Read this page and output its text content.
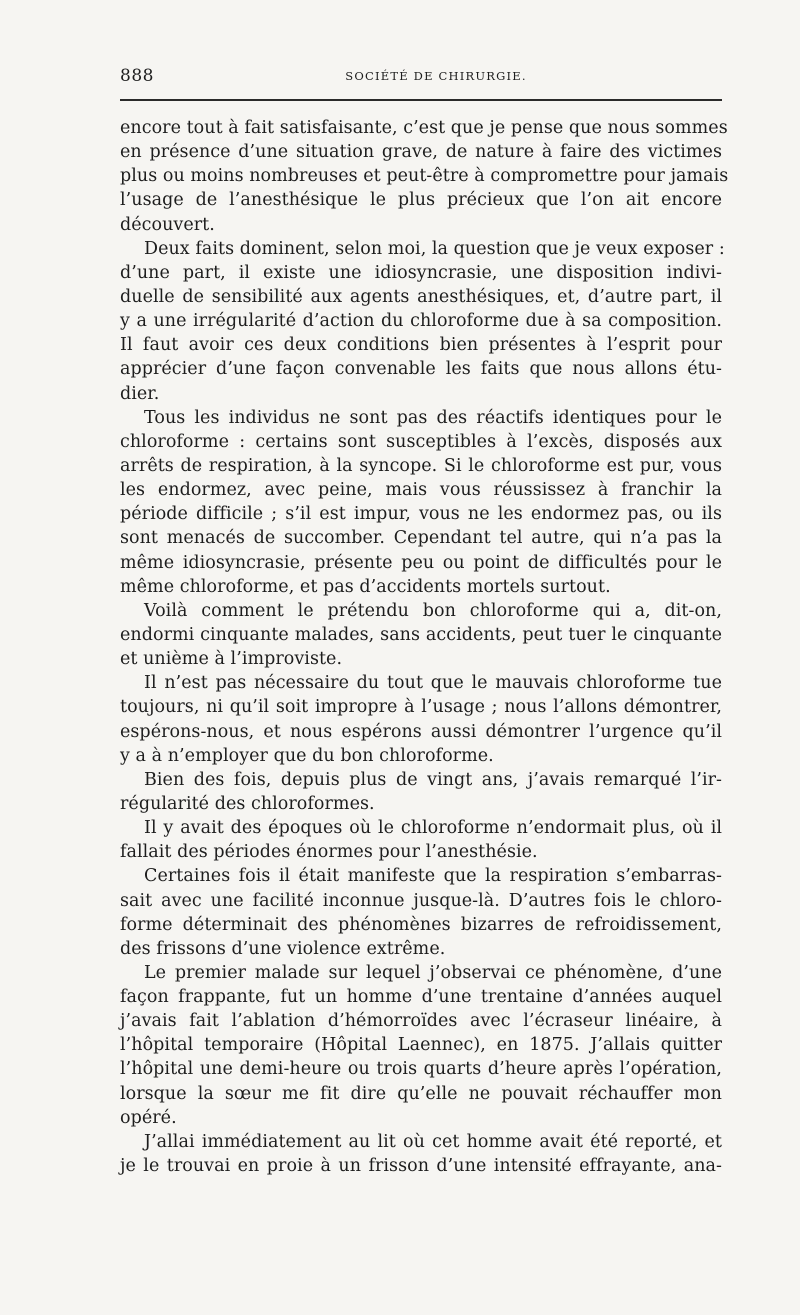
888	SOCIÉTÉ DE CHIRURGIE.
encore tout à fait satisfaisante, c’est que je pense que nous sommes
en présence d’une situation grave, de nature à faire des victimes
plus ou moins nombreuses et peut-être à compromettre pour jamais
l’usage de l’anesthésique le plus précieux que l’on ait encore
découvert.
Deux faits dominent, selon moi, la question que je veux exposer :
d’une part, il existe une idiosyncrasie, une disposition indivi-
duelle de sensibilité aux agents anesthésiques, et, d’autre part, il
y a une irrégularité d’action du chloroforme due à sa composition.
Il faut avoir ces deux conditions bien présentes à l’esprit pour
apprécier d’une façon convenable les faits que nous allons étu-
dier.
Tous les individus ne sont pas des réactifs identiques pour le
chloroforme : certains sont susceptibles à l’excès, disposés aux
arrêts de respiration, à la syncope. Si le chloroforme est pur, vous
les endormez, avec peine, mais vous réussissez à franchir la
période difficile ; s’il est impur, vous ne les endormez pas, ou ils
sont menacés de succomber. Cependant tel autre, qui n’a pas la
même idiosyncrasie, présente peu ou point de difficultés pour le
même chloroforme, et pas d’accidents mortels surtout.
Voilà comment le prétendu bon chloroforme qui a, dit-on,
endormi cinquante malades, sans accidents, peut tuer le cinquante
et unième à l’improviste.
Il n’est pas nécessaire du tout que le mauvais chloroforme tue
toujours, ni qu’il soit impropre à l’usage ; nous l’allons démontrer,
espérons-nous, et nous espérons aussi démontrer l’urgence qu’il
y a à n’employer que du bon chloroforme.
Bien des fois, depuis plus de vingt ans, j’avais remarqué l’ir-
régularité des chloroformes.
Il y avait des époques où le chloroforme n’endormait plus, où il
fallait des périodes énormes pour l’anesthésie.
Certaines fois il était manifeste que la respiration s’embarras-
sait avec une facilité inconnue jusque-là. D’autres fois le chloro-
forme déterminait des phénomènes bizarres de refroidissement,
des frissons d’une violence extrême.
Le premier malade sur lequel j’observai ce phénomène, d’une
façon frappante, fut un homme d’une trentaine d’années auquel
j’avais fait l’ablation d’hémorroïdes avec l’écraseur linéaire, à
l’hôpital temporaire (Hôpital Laennec), en 1875. J’allais quitter
l’hôpital une demi-heure ou trois quarts d’heure après l’opération,
lorsque la sœur me fit dire qu’elle ne pouvait réchauffer mon
opéré.
J’allai immédiatement au lit où cet homme avait été reporté, et
je le trouvai en proie à un frisson d’une intensité effrayante, ana-
